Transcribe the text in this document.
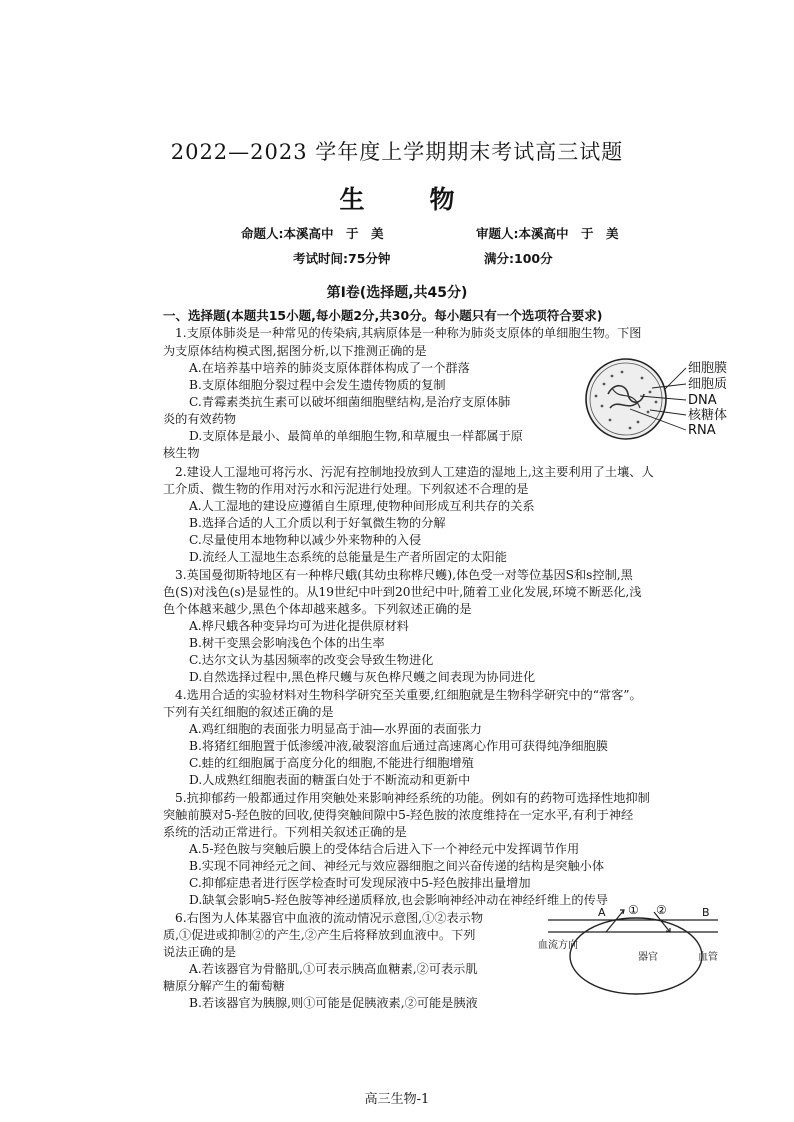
2022—2023 学年度上学期期末考试高三试题
生	物
命题人:本溪高中　于　美	审题人:本溪高中　于　美
考试时间:75分钟	满分:100分
第Ⅰ卷(选择题,共45分)
一、选择题(本题共15小题,每小题2分,共30分。每小题只有一个选项符合要求)
1.支原体肺炎是一种常见的传染病,其病原体是一种称为肺炎支原体的单细胞生物。下图
为支原体结构模式图,据图分析,以下推测正确的是
A.在培养基中培养的肺炎支原体群体构成了一个群落
B.支原体细胞分裂过程中会发生遗传物质的复制
C.青霉素类抗生素可以破坏细菌细胞壁结构,是治疗支原体肺
炎的有效药物
D.支原体是最小、最简单的单细胞生物,和草履虫一样都属于原
核生物
细胞膜
细胞质
DNA
核糖体
RNA
2.建设人工湿地可将污水、污泥有控制地投放到人工建造的湿地上,这主要利用了土壤、人
工介质、微生物的作用对污水和污泥进行处理。下列叙述不合理的是
A.人工湿地的建设应遵循自生原理,使物种间形成互利共存的关系
B.选择合适的人工介质以利于好氧微生物的分解
C.尽量使用本地物种以减少外来物种的入侵
D.流经人工湿地生态系统的总能量是生产者所固定的太阳能
3.英国曼彻斯特地区有一种桦尺蛾(其幼虫称桦尺蠖),体色受一对等位基因S和s控制,黑
色(S)对浅色(s)是显性的。从19世纪中叶到20世纪中叶,随着工业化发展,环境不断恶化,浅
色个体越来越少,黑色个体却越来越多。下列叙述正确的是
A.桦尺蛾各种变异均可为进化提供原材料
B.树干变黑会影响浅色个体的出生率
C.达尔文认为基因频率的改变会导致生物进化
D.自然选择过程中,黑色桦尺蠖与灰色桦尺蠖之间表现为协同进化
4.选用合适的实验材料对生物科学研究至关重要,红细胞就是生物科学研究中的“常客”。
下列有关红细胞的叙述正确的是
A.鸡红细胞的表面张力明显高于油—水界面的表面张力
B.将猪红细胞置于低渗缓冲液,破裂溶血后通过高速离心作用可获得纯净细胞膜
C.蛙的红细胞属于高度分化的细胞,不能进行细胞增殖
D.人成熟红细胞表面的糖蛋白处于不断流动和更新中
5.抗抑郁药一般都通过作用突触处来影响神经系统的功能。例如有的药物可选择性地抑制
突触前膜对5-羟色胺的回收,使得突触间隙中5-羟色胺的浓度维持在一定水平,有利于神经
系统的活动正常进行。下列相关叙述正确的是
A.5-羟色胺与突触后膜上的受体结合后进入下一个神经元中发挥调节作用
B.实现不同神经元之间、神经元与效应器细胞之间兴奋传递的结构是突触小体
C.抑郁症患者进行医学检查时可发现尿液中5-羟色胺排出量增加
D.缺氧会影响5-羟色胺等神经递质释放,也会影响神经冲动在神经纤维上的传导
6.右图为人体某器官中血液的流动情况示意图,①②表示物
质,①促进或抑制②的产生,②产生后将释放到血液中。下列
说法正确的是
A.若该器官为骨骼肌,①可表示胰高血糖素,②可表示肌
糖原分解产生的葡萄糖
B.若该器官为胰腺,则①可能是促胰液素,②可能是胰液
A	B
① ②
血流方向
器官	血管
高三生物-1
